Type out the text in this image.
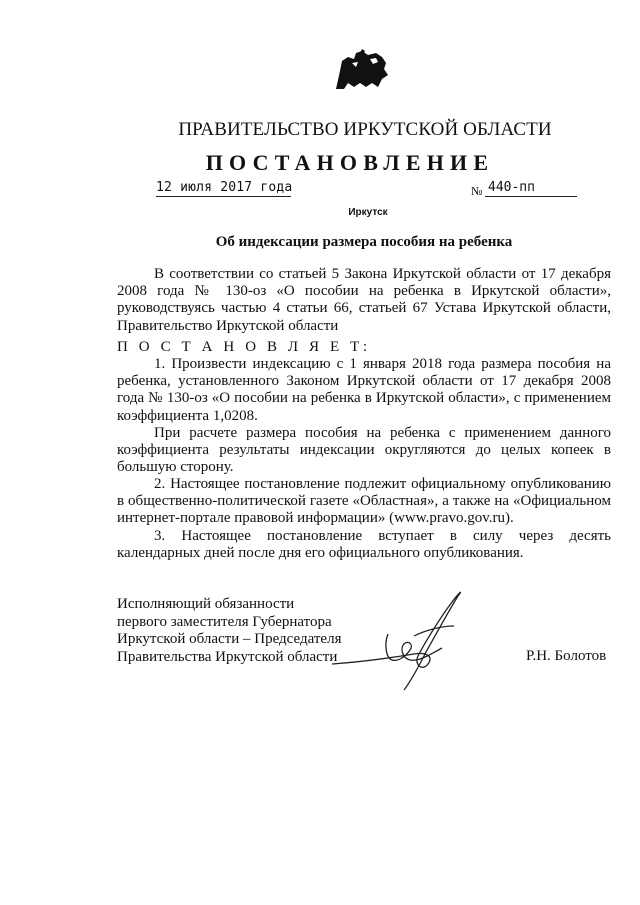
ПРАВИТЕЛЬСТВО ИРКУТСКОЙ ОБЛАСТИ
ПОСТАНОВЛЕНИЕ
12 июля 2017 года	№ 440-пп
Иркутск
Об индексации размера пособия на ребенка
В соответствии со статьей 5 Закона Иркутской области от 17 декабря 2008 года № 130-оз «О пособии на ребенка в Иркутской области», руководствуясь частью 4 статьи 66, статьей 67 Устава Иркутской области, Правительство Иркутской области
П О С Т А Н О В Л Я Е Т:
1. Произвести индексацию с 1 января 2018 года размера пособия на ребенка, установленного Законом Иркутской области от 17 декабря 2008 года № 130-оз «О пособии на ребенка в Иркутской области», с применением коэффициента 1,0208.
При расчете размера пособия на ребенка с применением данного коэффициента результаты индексации округляются до целых копеек в большую сторону.
2. Настоящее постановление подлежит официальному опубликованию в общественно-политической газете «Областная», а также на «Официальном интернет-портале правовой информации» (www.pravo.gov.ru).
3. Настоящее постановление вступает в силу через десять календарных дней после дня его официального опубликования.
Исполняющий обязанности
первого заместителя Губернатора
Иркутской области – Председателя
Правительства Иркутской области	Р.Н. Болотов
